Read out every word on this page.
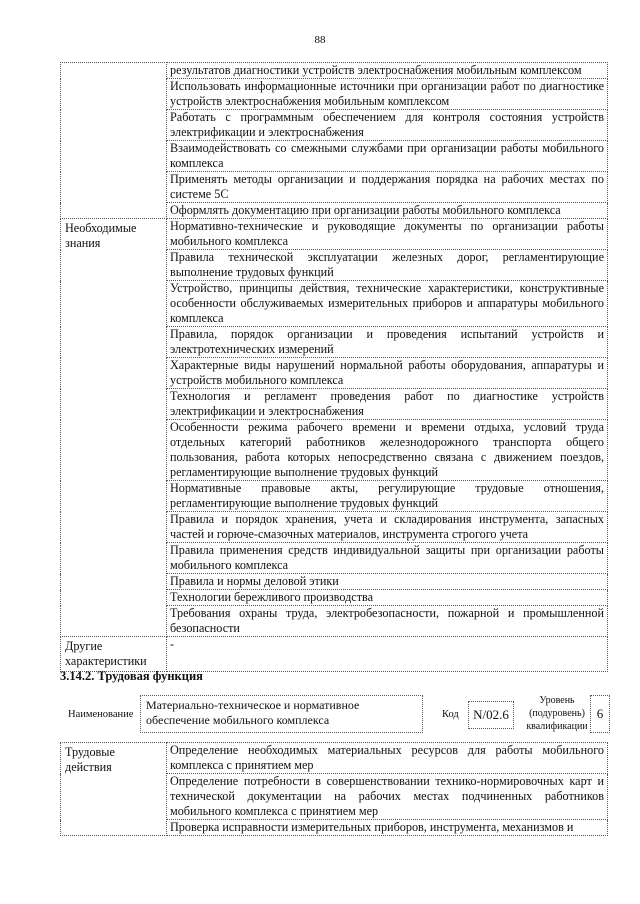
88
	результатов диагностики устройств электроснабжения мобильным комплексом
	Использовать информационные источники при организации работ по диагностике устройств электроснабжения мобильным комплексом
	Работать с программным обеспечением для контроля состояния устройств электрификации и электроснабжения
	Взаимодействовать со смежными службами при организации работы мобильного комплекса
	Применять методы организации и поддержания порядка на рабочих местах по системе 5С
	Оформлять документацию при организации работы мобильного комплекса
Необходимые знания	Нормативно-технические и руководящие документы по организации работы мобильного комплекса
	Правила технической эксплуатации железных дорог, регламентирующие выполнение трудовых функций
	Устройство, принципы действия, технические характеристики, конструктивные особенности обслуживаемых измерительных приборов и аппаратуры мобильного комплекса
	Правила, порядок организации и проведения испытаний устройств и электротехнических измерений
	Характерные виды нарушений нормальной работы оборудования, аппаратуры и устройств мобильного комплекса
	Технология и регламент проведения работ по диагностике устройств электрификации и электроснабжения
	Особенности режима рабочего времени и времени отдыха, условий труда отдельных категорий работников железнодорожного транспорта общего пользования, работа которых непосредственно связана с движением поездов, регламентирующие выполнение трудовых функций
	Нормативные правовые акты, регулирующие трудовые отношения, регламентирующие выполнение трудовых функций
	Правила и порядок хранения, учета и складирования инструмента, запасных частей и горюче-смазочных материалов, инструмента строгого учета
	Правила применения средств индивидуальной защиты при организации работы мобильного комплекса
	Правила и нормы деловой этики
	Технологии бережливого производства
	Требования охраны труда, электробезопасности, пожарной и промышленной безопасности
Другие характеристики	-
3.14.2. Трудовая функция
Наименование
Материально-техническое и нормативное обеспечение мобильного комплекса	Код	N/02.6
Уровень (подуровень) квалификации
6
Трудовые действия	Определение необходимых материальных ресурсов для работы мобильного комплекса с принятием мер
Определение потребности в совершенствовании технико-нормировочных карт и технической документации на рабочих местах подчиненных работников мобильного комплекса с принятием мер
Проверка исправности измерительных приборов, инструмента, механизмов и
